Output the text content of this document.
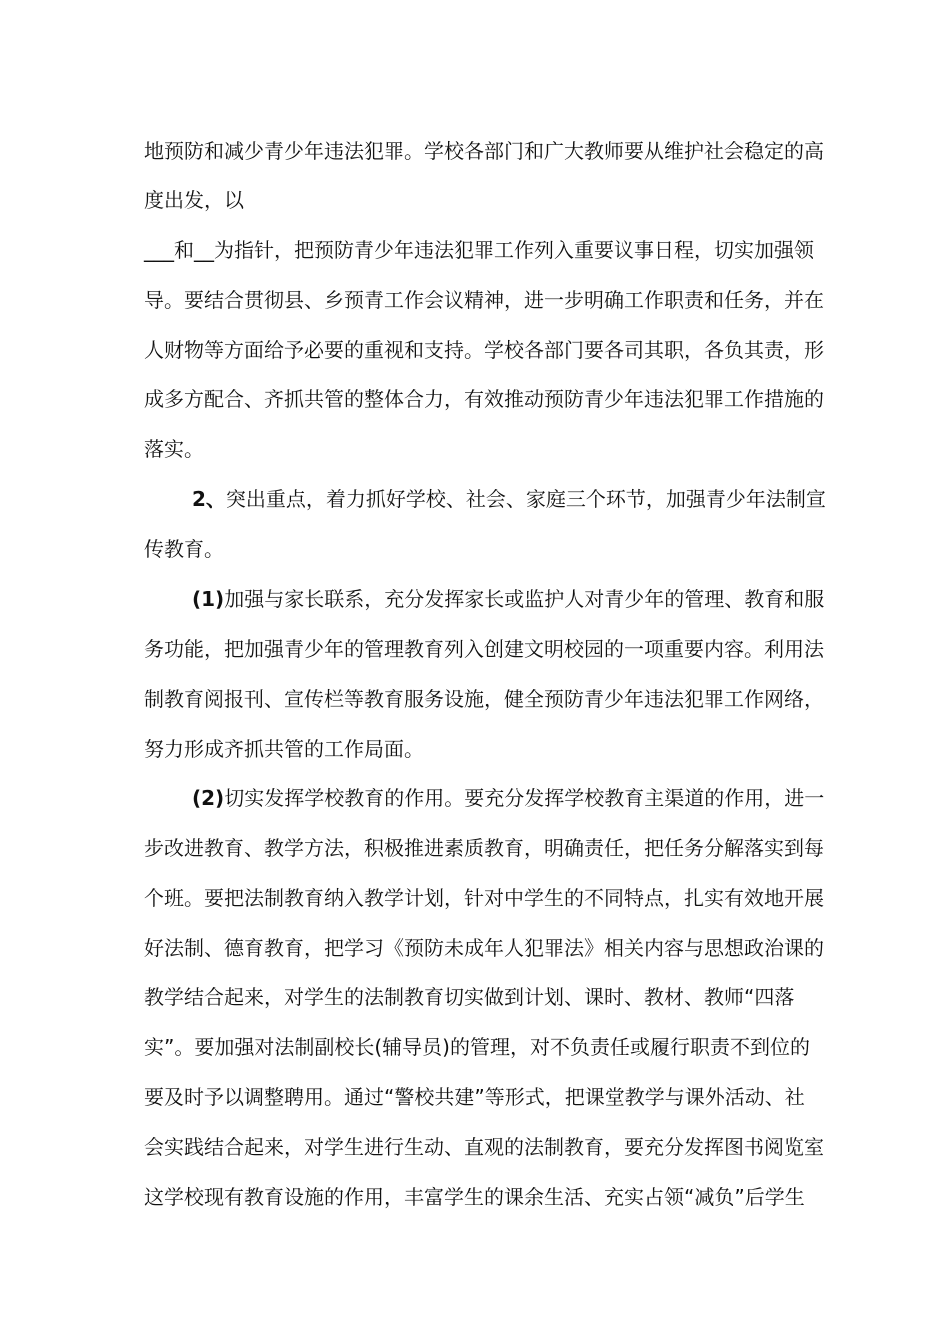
地预防和减少青少年违法犯罪。学校各部门和广大教师要从维护社会稳定的高
度出发，以
___和__为指针，把预防青少年违法犯罪工作列入重要议事日程，切实加强领
导。要结合贯彻县、乡预青工作会议精神，进一步明确工作职责和任务，并在
人财物等方面给予必要的重视和支持。学校各部门要各司其职，各负其责，形
成多方配合、齐抓共管的整体合力，有效推动预防青少年违法犯罪工作措施的
落实。
2、突出重点，着力抓好学校、社会、家庭三个环节，加强青少年法制宣
传教育。
(1)加强与家长联系，充分发挥家长或监护人对青少年的管理、教育和服
务功能，把加强青少年的管理教育列入创建文明校园的一项重要内容。利用法
制教育阅报刊、宣传栏等教育服务设施，健全预防青少年违法犯罪工作网络，
努力形成齐抓共管的工作局面。
(2)切实发挥学校教育的作用。要充分发挥学校教育主渠道的作用，进一
步改进教育、教学方法，积极推进素质教育，明确责任，把任务分解落实到每
个班。要把法制教育纳入教学计划，针对中学生的不同特点，扎实有效地开展
好法制、德育教育，把学习《预防未成年人犯罪法》相关内容与思想政治课的
教学结合起来，对学生的法制教育切实做到计划、课时、教材、教师“四落
实”。要加强对法制副校长(辅导员)的管理，对不负责任或履行职责不到位的
要及时予以调整聘用。通过“警校共建”等形式，把课堂教学与课外活动、社
会实践结合起来，对学生进行生动、直观的法制教育，要充分发挥图书阅览室
这学校现有教育设施的作用，丰富学生的课余生活、充实占领“减负”后学生
